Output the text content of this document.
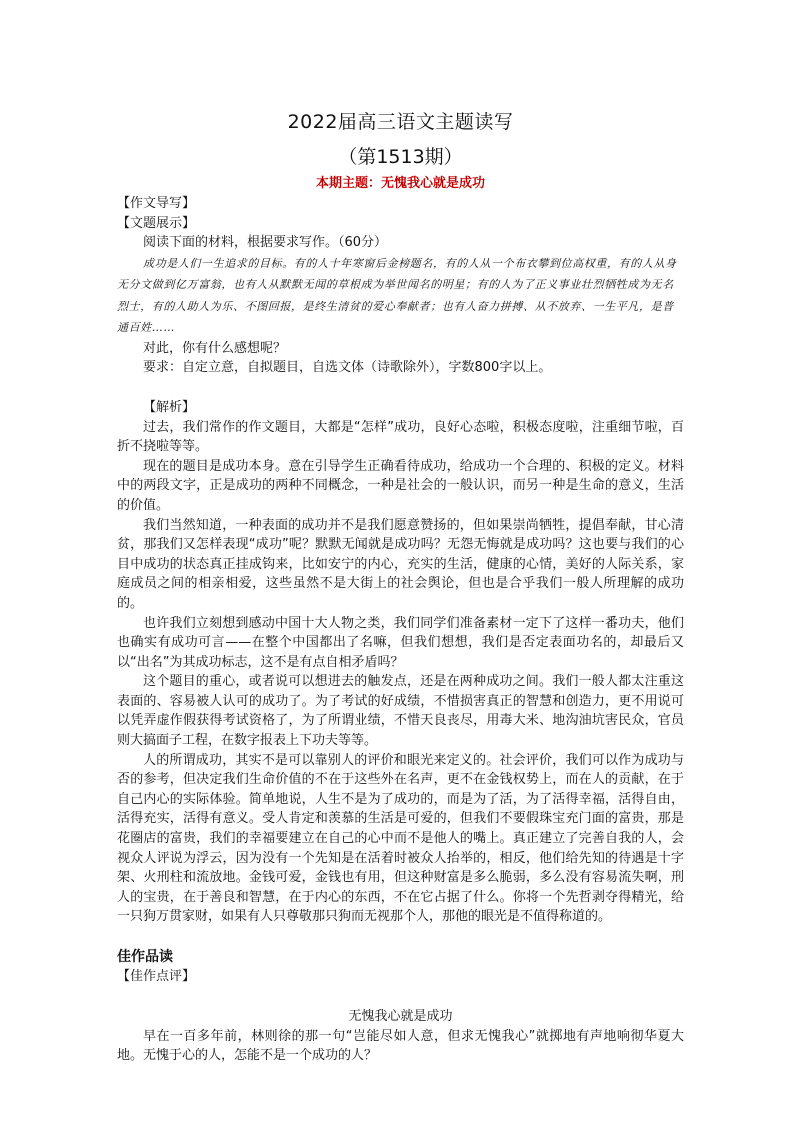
2022届高三语文主题读写
（第1513期）
本期主题：无愧我心就是成功

【作文导写】

【文题展示】

阅读下面的材料，根据要求写作。（60分）

成功是人们一生追求的目标。有的人十年寒窗后金榜题名，有的人从一个布衣攀到位高权重，有的人从身无分文做到亿万富翁，也有人从默默无闻的草根成为举世闻名的明星；有的人为了正义事业壮烈牺牲成为无名烈士，有的人助人为乐、不图回报，是终生清贫的爱心奉献者；也有人奋力拼搏、从不放弃、一生平凡，是普通百姓……

对此，你有什么感想呢？

要求：自定立意，自拟题目，自选文体（诗歌除外），字数800字以上。

【解析】

过去，我们常作的作文题目，大都是“怎样”成功，良好心态啦，积极态度啦，注重细节啦，百折不挠啦等等。

现在的题目是成功本身。意在引导学生正确看待成功，给成功一个合理的、积极的定义。材料中的两段文字，正是成功的两种不同概念，一种是社会的一般认识，而另一种是生命的意义，生活的价值。

我们当然知道，一种表面的成功并不是我们愿意赞扬的，但如果崇尚牺牲，提倡奉献，甘心清贫，那我们又怎样表现“成功”呢？默默无闻就是成功吗？无怨无悔就是成功吗？这也要与我们的心目中成功的状态真正挂成钩来，比如安宁的内心，充实的生活，健康的心情，美好的人际关系，家庭成员之间的相亲相爱，这些虽然不是大街上的社会舆论，但也是合乎我们一般人所理解的成功的。

也许我们立刻想到感动中国十大人物之类，我们同学们准备素材一定下了这样一番功夫，他们也确实有成功可言——在整个中国都出了名嘛，但我们想想，我们是否定表面功名的，却最后又以“出名”为其成功标志，这不是有点自相矛盾吗？

这个题目的重心，或者说可以想进去的触发点，还是在两种成功之间。我们一般人都太注重这表面的、容易被人认可的成功了。为了考试的好成绩，不惜损害真正的智慧和创造力，更不用说可以凭弄虚作假获得考试资格了，为了所谓业绩，不惜天良丧尽，用毒大米、地沟油坑害民众，官员则大搞面子工程，在数字报表上下功夫等等。

人的所谓成功，其实不是可以靠别人的评价和眼光来定义的。社会评价，我们可以作为成功与否的参考，但决定我们生命价值的不在于这些外在名声，更不在金钱权势上，而在人的贡献，在于自己内心的实际体验。简单地说，人生不是为了成功的，而是为了活，为了活得幸福，活得自由，活得充实，活得有意义。受人肯定和羡慕的生活是可爱的，但我们不要假珠宝充门面的富贵，那是花圈店的富贵，我们的幸福要建立在自己的心中而不是他人的嘴上。真正建立了完善自我的人，会视众人评说为浮云，因为没有一个先知是在活着时被众人抬举的，相反，他们给先知的待遇是十字架、火刑柱和流放地。金钱可爱，金钱也有用，但这种财富是多么脆弱，多么没有容易流失啊，刑人的宝贵，在于善良和智慧，在于内心的东西，不在它占据了什么。你将一个先哲剥夺得精光，给一只狗万贯家财，如果有人只尊敬那只狗而无视那个人，那他的眼光是不值得称道的。

佳作品读

【佳作点评】

无愧我心就是成功

早在一百多年前，林则徐的那一句“岂能尽如人意，但求无愧我心”就掷地有声地响彻华夏大地。无愧于心的人，怎能不是一个成功的人？
